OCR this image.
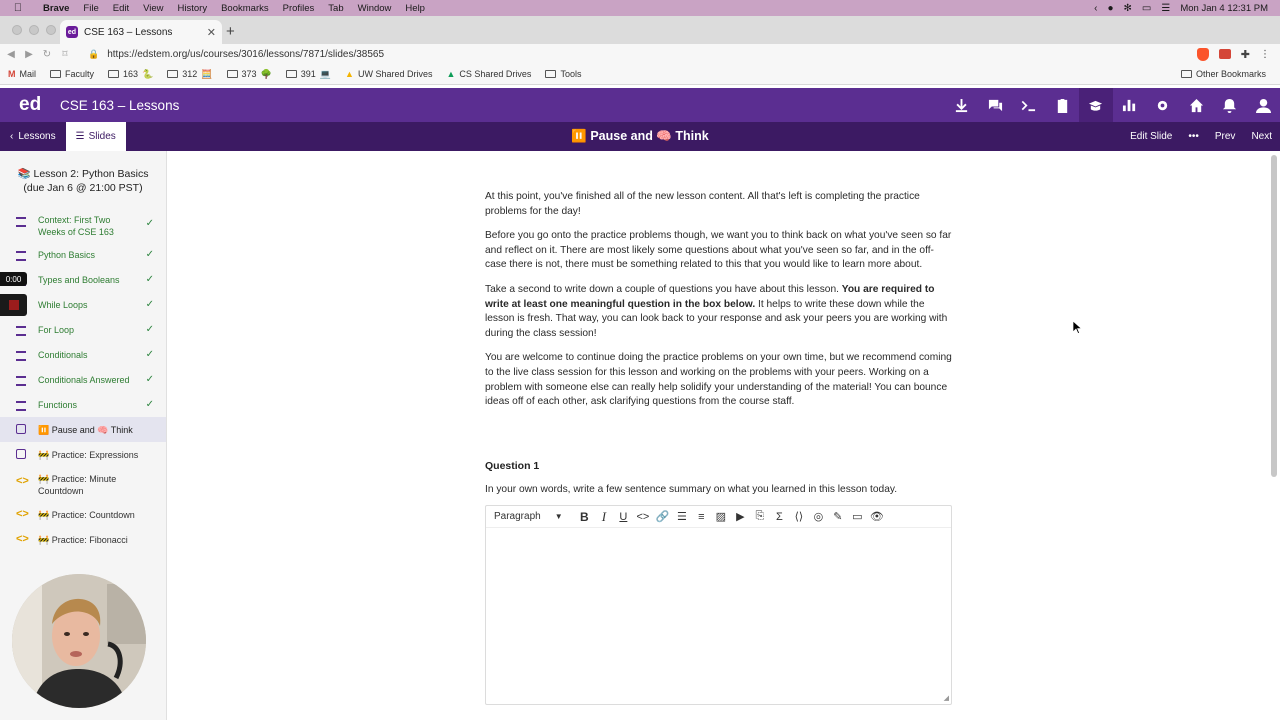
Brave	File	Edit	View	History	Bookmarks	Profiles	Tab	Window	Help	‹ ● ✻ ▭ ☰ Mon Jan 4 12:31 PM
ed CSE 163 – Lessons	✕ +
◀	▶ ↻	⌑	🔒 https://edstem.org/us/courses/3016/lessons/7871/slides/38565	✚ ⋮
M Mail	Faculty	163 🐍	312 🧮	373 🌳	391 💻 ▲ UW Shared Drives ▲ CS Shared Drives	Tools	Other Bookmarks
ed	CSE 163 – Lessons
‹ Lessons ☰ Slides	⏸️ Pause and 🧠 Think	Edit Slide	•••	Prev	Next
📚 Lesson 2: Python Basics
(due Jan 6 @ 21:00 PST)
Context: First Two Weeks of CSE 163
✓
Python Basics	✓
Types and Booleans	✓
While Loops	✓
For Loop	✓
Conditionals	✓
Conditionals Answered ✓
Functions	✓
⏸️ Pause and 🧠 Think
🚧 Practice: Expressions
<> 🚧 Practice: Minute Countdown
<> 🚧 Practice: Countdown
<> 🚧 Practice: Fibonacci
0:00

At this point, you've finished all of the new lesson content. All that's left is completing the practice problems for the day!

Before you go onto the practice problems though, we want you to think back on what you've seen so far and reflect on it. There are most likely some questions about what you've seen so far, and in the off-case there is not, there must be something related to this that you would like to learn more about.

Take a second to write down a couple of questions you have about this lesson. You are required to write at least one meaningful question in the box below. It helps to write these down while the lesson is fresh. That way, you can look back to your response and ask your peers you are working with during the class session!

You are welcome to continue doing the practice problems on your own time, but we recommend coming to the live class session for this lesson and working on the problems with your peers. Working on a problem with someone else can really help solidify your understanding of the material! You can bounce ideas off of each other, ask clarifying questions from the course staff.

Question 1
In your own words, write a few sentence summary on what you learned in this lesson today.
Paragraph ▼	B	I	U <> 🔗 ☰	≡	▨ ▶ ⎘	Σ	⟨⟩ ◎ ✎ ▭ 👁
◢
